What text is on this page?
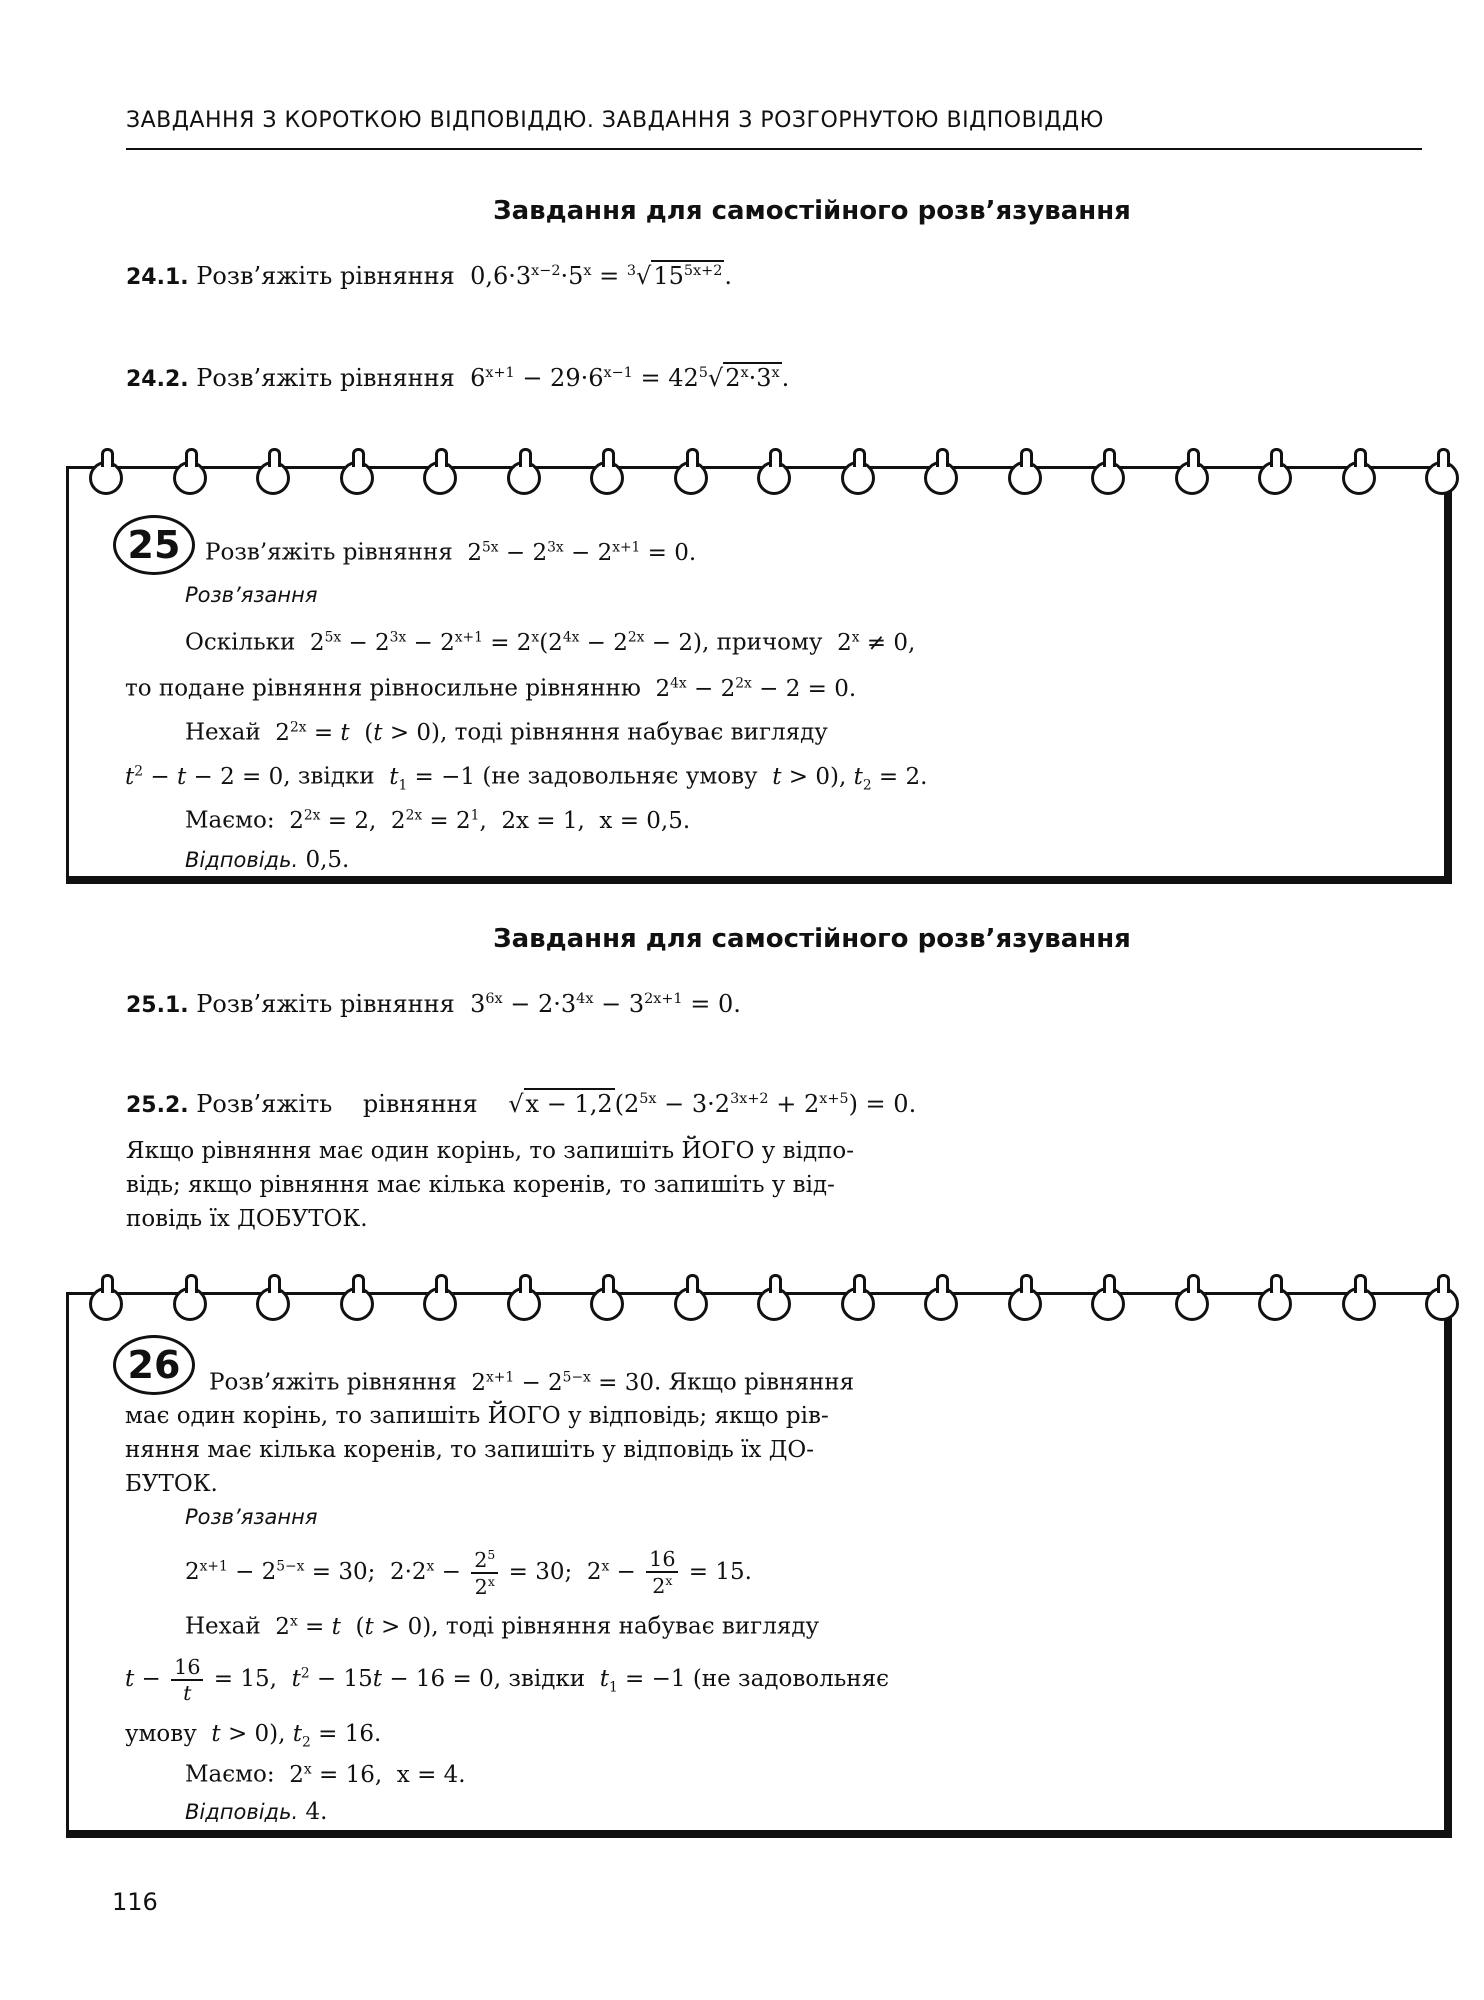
ЗАВДАННЯ З КОРОТКОЮ ВІДПОВІДДЮ. ЗАВДАННЯ З РОЗГОРНУТОЮ ВІДПОВІДДЮ
Завдання для самостійного розв’язування
24.1. Розв’яжіть рівняння  $0,6\cdot 3^{x-2}\cdot 5^x = ^3√15^{5x+2}$.
24.2. Розв’яжіть рівняння  $6^{x+1} - 29\cdot 6^{x-1} = 42^5√2^x\cdot 3^x$.
25	Розв’яжіть рівняння  $2^{5x} - 2^{3x} - 2^{x+1} = 0$.
Розв’язання
Оскільки  $2^{5x} - 2^{3x} - 2^{x+1} = 2^x(2^{4x} - 2^{2x} - 2)$, причому  $2^x \ne 0$,
то подане рівняння рівносильне рівнянню  $2^{4x} - 2^{2x} - 2 = 0$.
Нехай  $2^{2x} = t$  (t > 0), тоді рівняння набуває вигляду
$t^2 - t - 2 = 0$, звідки $t_1 = -1$ (не задовольняє умову t > 0), $t_2 = 2$.
Маємо:  $2^{2x} = 2$,  $2^{2x} = 2^1$,  2x = 1,  x = 0,5.
Відповідь. 0,5.
Завдання для самостійного розв’язування
25.1. Розв’яжіть рівняння  $3^{6x} - 2\cdot 3^{4x} - 3^{2x+1} = 0$.
25.2. Розв’яжіть рівняння    $√x - 1,2(2^{5x} - 3\cdot 2^{3x+2} + 2^{x+5}) = 0$.
Якщо рівняння має один корінь, то запишіть ЙОГО у відпо-
відь; якщо рівняння має кілька коренів, то запишіть у від-
повідь їх ДОБУТОК.
26	Розв’яжіть рівняння  $2^{x+1} - 2^{5-x} = 30$. Якщо рівняння
має один корінь, то запишіть ЙОГО у відповідь; якщо рів-
няння має кілька коренів, то запишіть у відповідь їх ДО-
БУТОК.
Розв’язання
$2^{x+1} - 2^{5-x} = 30$;  $2\cdot 2^x - \frac{2^5}{2^x} = 30$;  $2^x - \frac{16}{2^x} = 15$.
Нехай  $2^x = t$  (t > 0), тоді рівняння набуває вигляду
$t - \frac{16}{t} = 15$,  $t^2 - 15t - 16 = 0$, звідки $t_1 = -1$ (не задовольняє
умову t > 0), $t_2 = 16$.
Маємо:  $2^x = 16$,  x = 4.
Відповідь. 4.
116
